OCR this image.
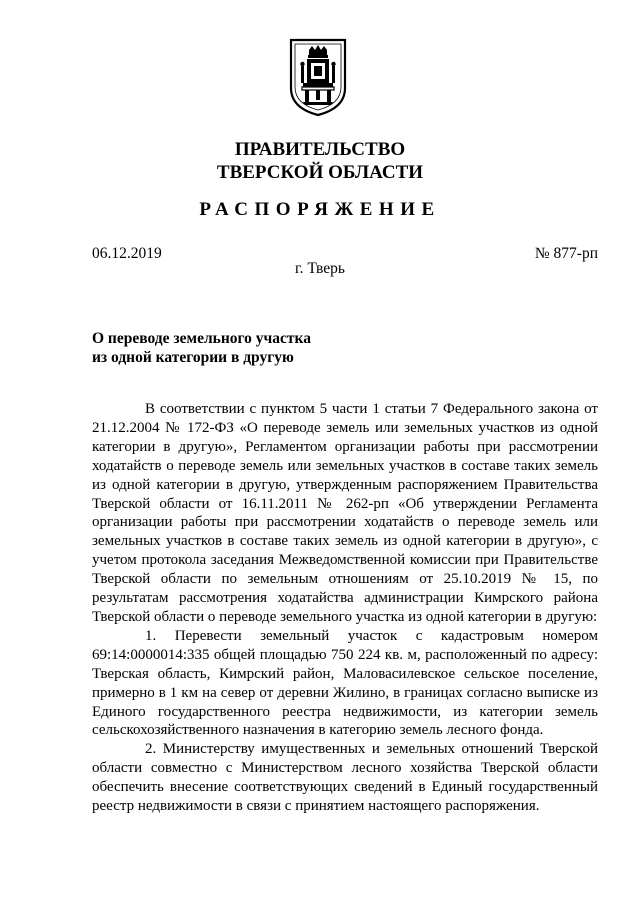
ПРАВИТЕЛЬСТВО
ТВЕРСКОЙ ОБЛАСТИ
РАСПОРЯЖЕНИЕ
06.12.2019	№ 877-рп
г. Тверь
О переводе земельного участка
из одной категории в другую

В соответствии с пунктом 5 части 1 статьи 7 Федерального закона от 21.12.2004 № 172-ФЗ «О переводе земель или земельных участков из одной категории в другую», Регламентом организации работы при рассмотрении ходатайств о переводе земель или земельных участков в составе таких земель из одной категории в другую, утвержденным распоряжением Правительства Тверской области от 16.11.2011 № 262-рп «Об утверждении Регламента организации работы при рассмотрении ходатайств о переводе земель или земельных участков в составе таких земель из одной категории в другую», с учетом протокола заседания Межведомственной комиссии при Правительстве Тверской области по земельным отношениям от 25.10.2019 № 15, по результатам рассмотрения ходатайства администрации Кимрского района Тверской области о переводе земельного участка из одной категории в другую:

1. Перевести земельный участок с кадастровым номером 69:14:0000014:335 общей площадью 750 224 кв. м, расположенный по адресу: Тверская область, Кимрский район, Маловасилевское сельское поселение, примерно в 1 км на север от деревни Жилино, в границах согласно выписке из Единого государственного реестра недвижимости, из категории земель сельскохозяйственного назначения в категорию земель лесного фонда.

2. Министерству имущественных и земельных отношений Тверской области совместно с Министерством лесного хозяйства Тверской области обеспечить внесение соответствующих сведений в Единый государственный реестр недвижимости в связи с принятием настоящего распоряжения.
